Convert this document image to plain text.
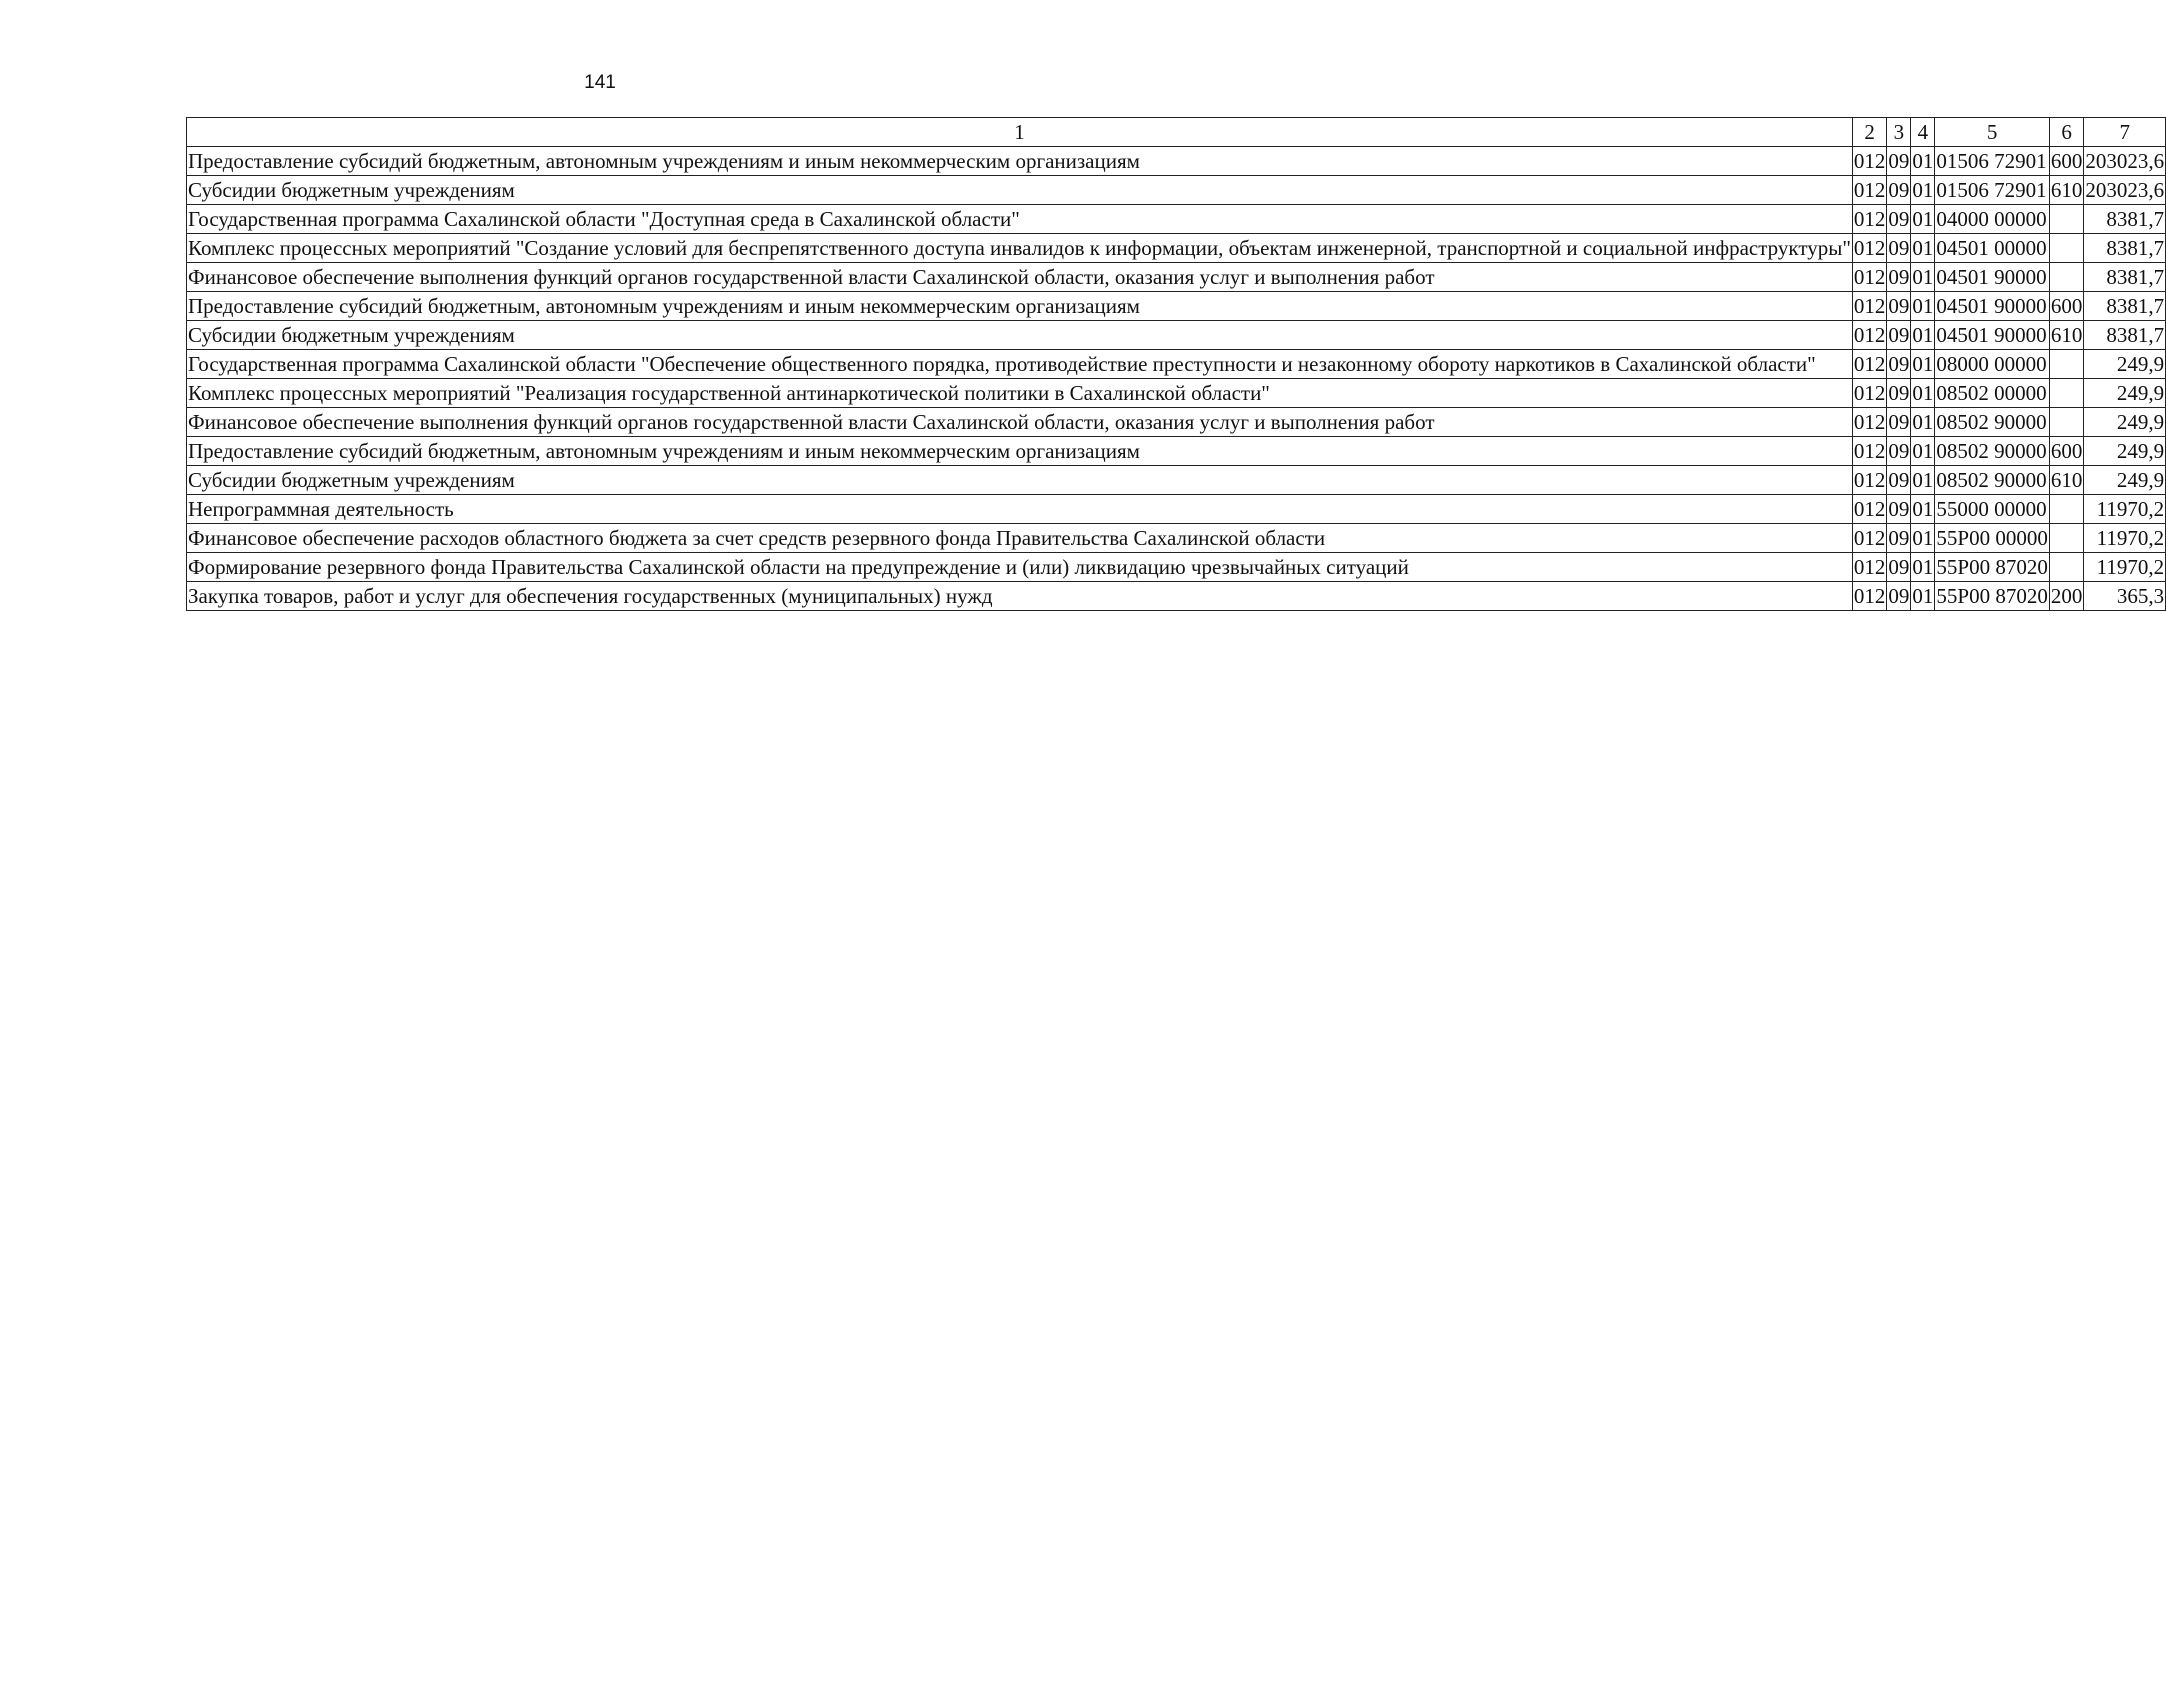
141
1	2	3	4	5	6	7
Предоставление субсидий бюджетным, автономным учреждениям и иным некоммерческим организациям	012	09	01	01506 72901	600	203023,6
Субсидии бюджетным учреждениям	012	09	01	01506 72901	610	203023,6
Государственная программа Сахалинской области "Доступная среда в Сахалинской области"	012	09	01	04000 00000		8381,7
Комплекс процессных мероприятий "Создание условий для беспрепятственного доступа инвалидов к информации, объектам инженерной, транспортной и социальной инфраструктуры"	012	09	01	04501 00000		8381,7
Финансовое обеспечение выполнения функций органов государственной власти Сахалинской области, оказания услуг и выполнения работ	012	09	01	04501 90000		8381,7
Предоставление субсидий бюджетным, автономным учреждениям и иным некоммерческим организациям	012	09	01	04501 90000	600	8381,7
Субсидии бюджетным учреждениям	012	09	01	04501 90000	610	8381,7
Государственная программа Сахалинской области "Обеспечение общественного порядка, противодействие преступности и незаконному обороту наркотиков в Сахалинской области"	012	09	01	08000 00000		249,9
Комплекс процессных мероприятий "Реализация государственной антинаркотической политики в Сахалинской области"	012	09	01	08502 00000		249,9
Финансовое обеспечение выполнения функций органов государственной власти Сахалинской области, оказания услуг и выполнения работ	012	09	01	08502 90000		249,9
Предоставление субсидий бюджетным, автономным учреждениям и иным некоммерческим организациям	012	09	01	08502 90000	600	249,9
Субсидии бюджетным учреждениям	012	09	01	08502 90000	610	249,9
Непрограммная деятельность	012	09	01	55000 00000		11970,2
Финансовое обеспечение расходов областного бюджета за счет средств резервного фонда Правительства Сахалинской области	012	09	01	55Р00 00000		11970,2
Формирование резервного фонда Правительства Сахалинской области на предупреждение и (или) ликвидацию чрезвычайных ситуаций	012	09	01	55Р00 87020		11970,2
Закупка товаров, работ и услуг для обеспечения государственных (муниципальных) нужд	012	09	01	55Р00 87020	200	365,3
